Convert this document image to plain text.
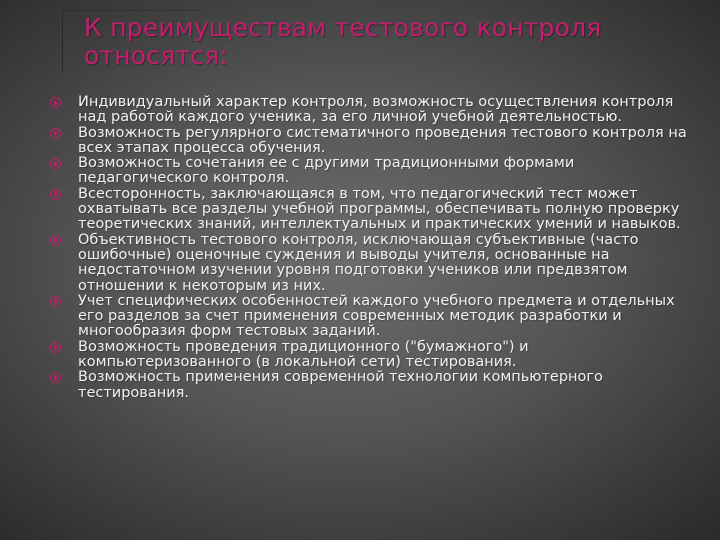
К преимуществам тестового контроля
относятся:
Индивидуальный характер контроля, возможность осуществления контроля над работой каждого ученика, за его личной учебной деятельностью.
Возможность регулярного систематичного проведения тестового контроля на всех этапах процесса обучения.
Возможность сочетания ее с другими традиционными формами педагогического контроля.
Всесторонность, заключающаяся в том, что педагогический тест может охватывать все разделы учебной программы, обеспечивать полную проверку теоретических знаний, интеллектуальных и практических умений и навыков.
Объективность тестового контроля, исключающая субъективные (часто ошибочные) оценочные суждения и выводы учителя, основанные на недостаточном изучении уровня подготовки учеников или предвзятом отношении к некоторым из них.
Учет специфических особенностей каждого учебного предмета и отдельных его разделов за счет применения современных методик разработки и многообразия форм тестовых заданий.
Возможность проведения традиционного ("бумажного") и компьютеризованного (в локальной сети) тестирования.
Возможность применения современной технологии компьютерного тестирования.
